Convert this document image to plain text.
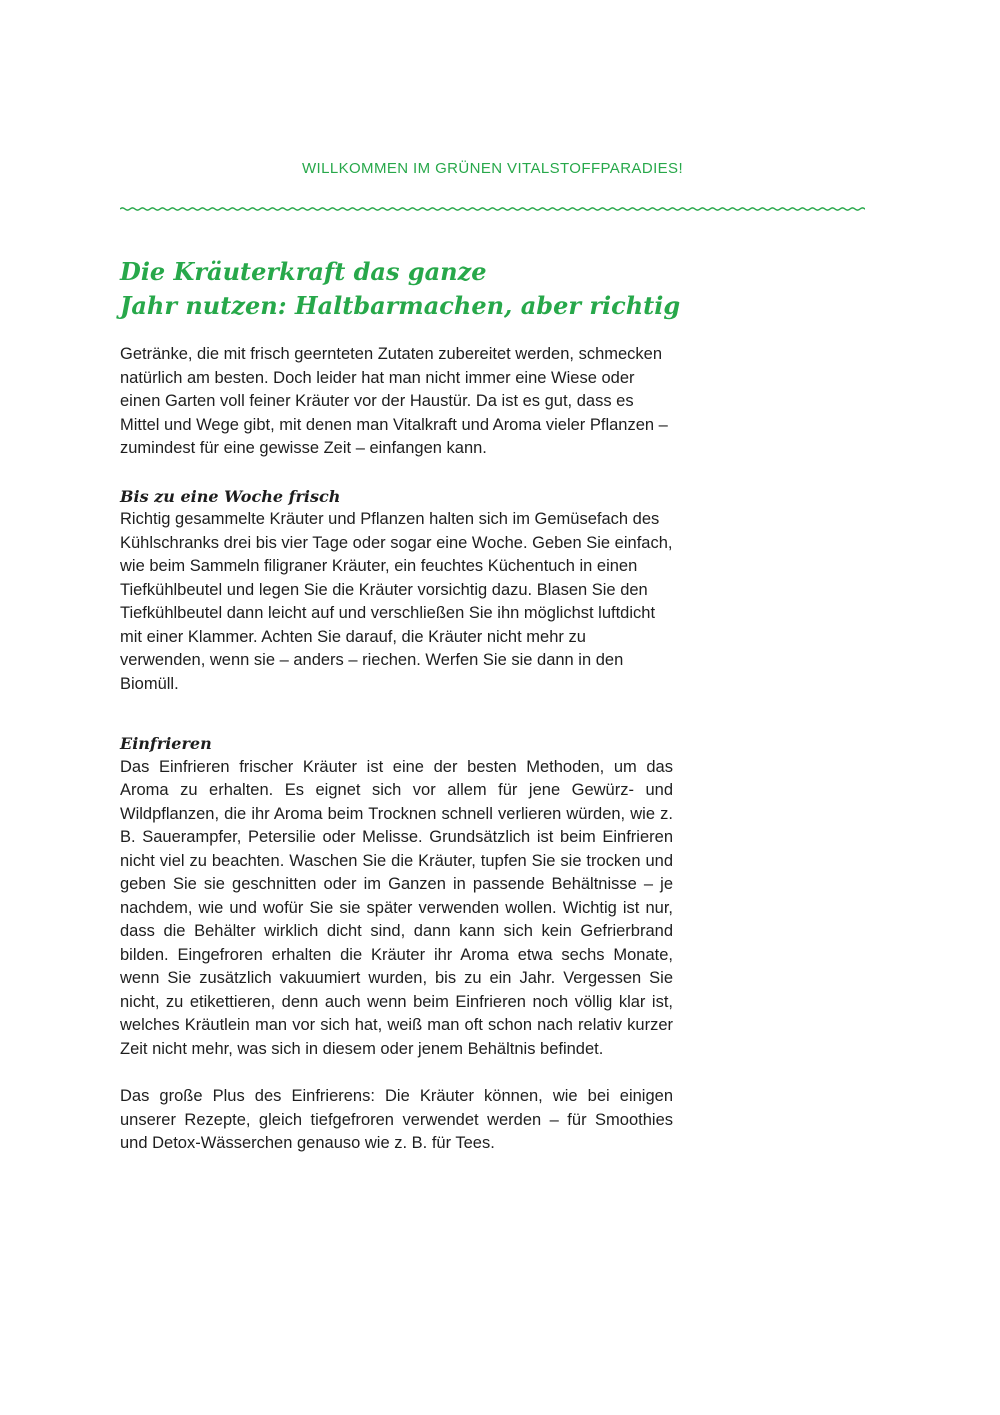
WILLKOMMEN IM GRÜNEN VITALSTOFFPARADIES!
Die Kräuterkraft das ganze
Jahr nutzen: Haltbarmachen, aber richtig

Getränke, die mit frisch geernteten Zutaten zubereitet werden, schmecken natürlich am besten. Doch leider hat man nicht immer eine Wiese oder einen Garten voll feiner Kräuter vor der Haustür. Da ist es gut, dass es Mittel und Wege gibt, mit denen man Vitalkraft und Aroma vieler Pflanzen – zumindest für eine gewisse Zeit – einfangen kann.

Bis zu eine Woche frisch

Richtig gesammelte Kräuter und Pflanzen halten sich im Gemüsefach des Kühlschranks drei bis vier Tage oder sogar eine Woche. Geben Sie einfach, wie beim Sammeln filigraner Kräuter, ein feuchtes Küchentuch in einen Tiefkühlbeutel und legen Sie die Kräuter vorsichtig dazu. Blasen Sie den Tiefkühlbeutel dann leicht auf und verschließen Sie ihn möglichst luftdicht mit einer Klammer. Achten Sie darauf, die Kräuter nicht mehr zu verwenden, wenn sie – anders – riechen. Werfen Sie sie dann in den Biomüll.

Einfrieren

Das Einfrieren frischer Kräuter ist eine der besten Methoden, um das Aroma zu erhalten. Es eignet sich vor allem für jene Gewürz- und Wildpflanzen, die ihr Aroma beim Trocknen schnell verlieren würden, wie z. B. Sauerampfer, Petersilie oder Melisse. Grundsätzlich ist beim Einfrieren nicht viel zu beachten. Waschen Sie die Kräuter, tupfen Sie sie trocken und geben Sie sie geschnitten oder im Ganzen in passende Behältnisse – je nachdem, wie und wofür Sie sie später verwenden wollen. Wichtig ist nur, dass die Behälter wirklich dicht sind, dann kann sich kein Gefrierbrand bilden. Eingefroren erhalten die Kräuter ihr Aroma etwa sechs Monate, wenn Sie zusätzlich vakuumiert wurden, bis zu ein Jahr. Vergessen Sie nicht, zu etikettieren, denn auch wenn beim Einfrieren noch völlig klar ist, welches Kräutlein man vor sich hat, weiß man oft schon nach relativ kurzer Zeit nicht mehr, was sich in diesem oder jenem Behältnis befindet.

Das große Plus des Einfrierens: Die Kräuter können, wie bei einigen unserer Rezepte, gleich tiefgefroren verwendet werden – für Smoothies und Detox-Wässerchen genauso wie z. B. für Tees.
